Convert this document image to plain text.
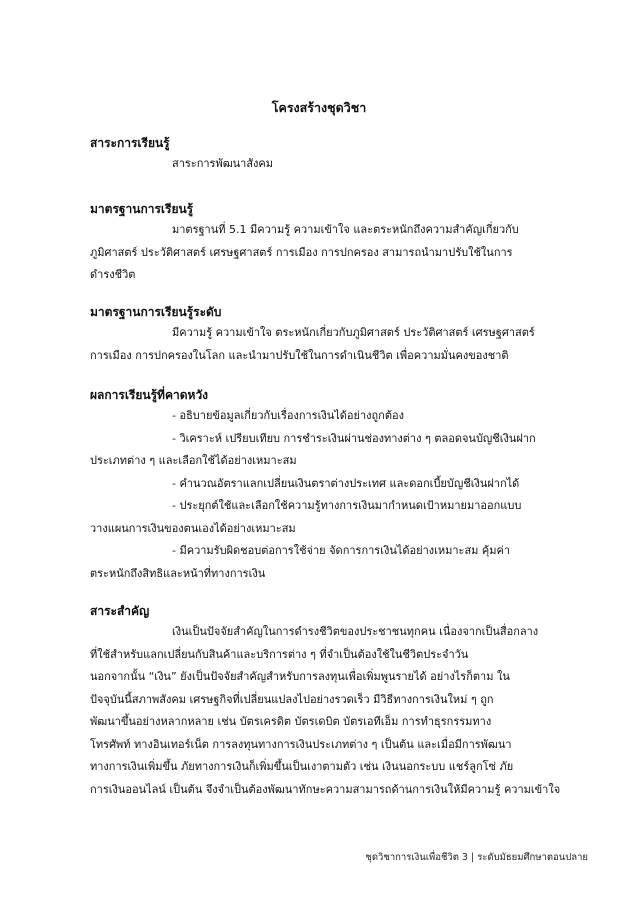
โครงสร้างชุดวิชา
สาระการเรียนรู้

สาระการพัฒนาสังคม

มาตรฐานการเรียนรู้

มาตรฐานที่ 5.1 มีความรู้ ความเข้าใจ และตระหนักถึงความสำคัญเกี่ยวกับ

ภูมิศาสตร์ ประวัติศาสตร์ เศรษฐศาสตร์ การเมือง การปกครอง สามารถนำมาปรับใช้ในการ

ดำรงชีวิต

มาตรฐานการเรียนรู้ระดับ

มีความรู้ ความเข้าใจ ตระหนักเกี่ยวกับภูมิศาสตร์ ประวัติศาสตร์ เศรษฐศาสตร์

การเมือง การปกครองในโลก และนำมาปรับใช้ในการดำเนินชีวิต เพื่อความมั่นคงของชาติ

ผลการเรียนรู้ที่คาดหวัง

- อธิบายข้อมูลเกี่ยวกับเรื่องการเงินได้อย่างถูกต้อง

- วิเคราะห์ เปรียบเทียบ การชำระเงินผ่านช่องทางต่าง ๆ ตลอดจนบัญชีเงินฝาก

ประเภทต่าง ๆ และเลือกใช้ได้อย่างเหมาะสม

- คำนวณอัตราแลกเปลี่ยนเงินตราต่างประเทศ และดอกเบี้ยบัญชีเงินฝากได้

- ประยุกต์ใช้และเลือกใช้ความรู้ทางการเงินมากำหนดเป้าหมายมาออกแบบ

วางแผนการเงินของตนเองได้อย่างเหมาะสม

- มีความรับผิดชอบต่อการใช้จ่าย จัดการการเงินได้อย่างเหมาะสม คุ้มค่า

ตระหนักถึงสิทธิและหน้าที่ทางการเงิน

สาระสำคัญ

เงินเป็นปัจจัยสำคัญในการดำรงชีวิตของประชาชนทุกคน เนื่องจากเป็นสื่อกลาง

ที่ใช้สำหรับแลกเปลี่ยนกับสินค้าและบริการต่าง ๆ ที่จำเป็นต้องใช้ในชีวิตประจำวัน

นอกจากนั้น “เงิน” ยังเป็นปัจจัยสำคัญสำหรับการลงทุนเพื่อเพิ่มพูนรายได้ อย่างไรก็ตาม ใน

ปัจจุบันนี้สภาพสังคม เศรษฐกิจที่เปลี่ยนแปลงไปอย่างรวดเร็ว มีวิธีทางการเงินใหม่ ๆ ถูก

พัฒนาขึ้นอย่างหลากหลาย เช่น บัตรเครดิต บัตรเดบิต บัตรเอทีเอ็ม การทำธุรกรรมทาง

โทรศัพท์ ทางอินเทอร์เน็ต การลงทุนทางการเงินประเภทต่าง ๆ เป็นต้น และเมื่อมีการพัฒนา

ทางการเงินเพิ่มขึ้น ภัยทางการเงินก็เพิ่มขึ้นเป็นเงาตามตัว เช่น เงินนอกระบบ แชร์ลูกโซ่ ภัย

การเงินออนไลน์ เป็นต้น จึงจำเป็นต้องพัฒนาทักษะความสามารถด้านการเงินให้มีความรู้ ความเข้าใจ

ชุดวิชาการเงินเพื่อชีวิต 3 | ระดับมัธยมศึกษาตอนปลาย
